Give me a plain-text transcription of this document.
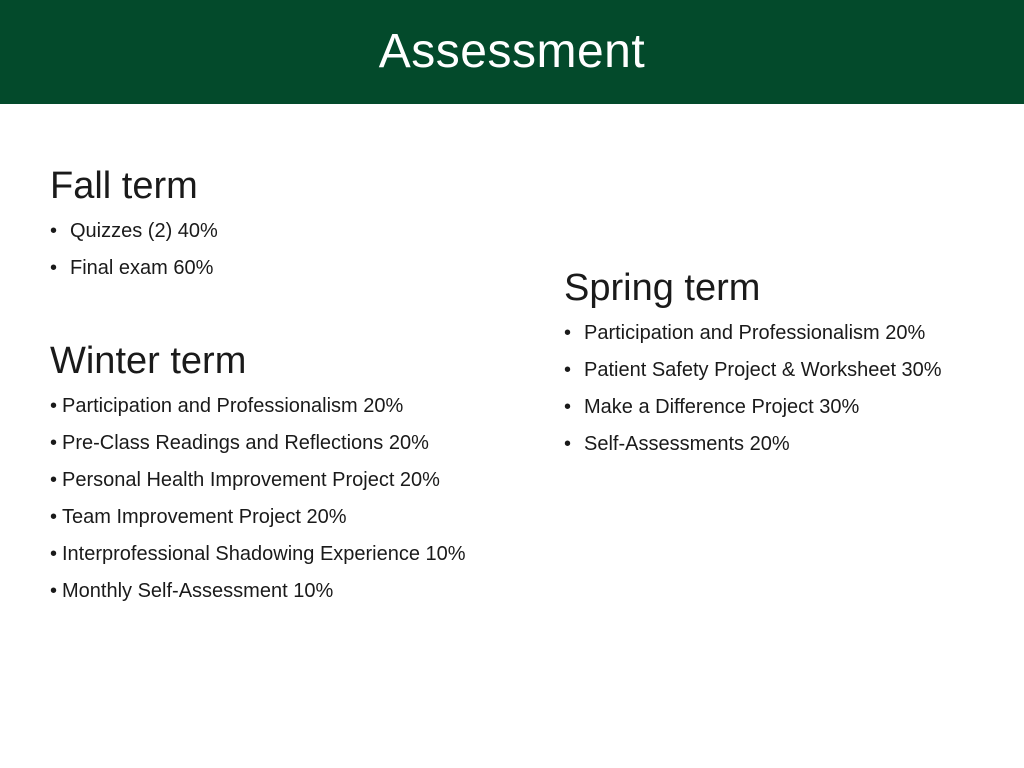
Assessment
Fall term
• Quizzes (2) 40%
• Final exam 60%
Winter term
• Participation and Professionalism 20%
• Pre-Class Readings and Reflections 20%
• Personal Health Improvement Project 20%
• Team Improvement Project 20%
• Interprofessional Shadowing Experience 10%
• Monthly Self-Assessment 10%
Spring term
• Participation and Professionalism 20%
• Patient Safety Project & Worksheet 30%
• Make a Difference Project 30%
• Self-Assessments 20%
